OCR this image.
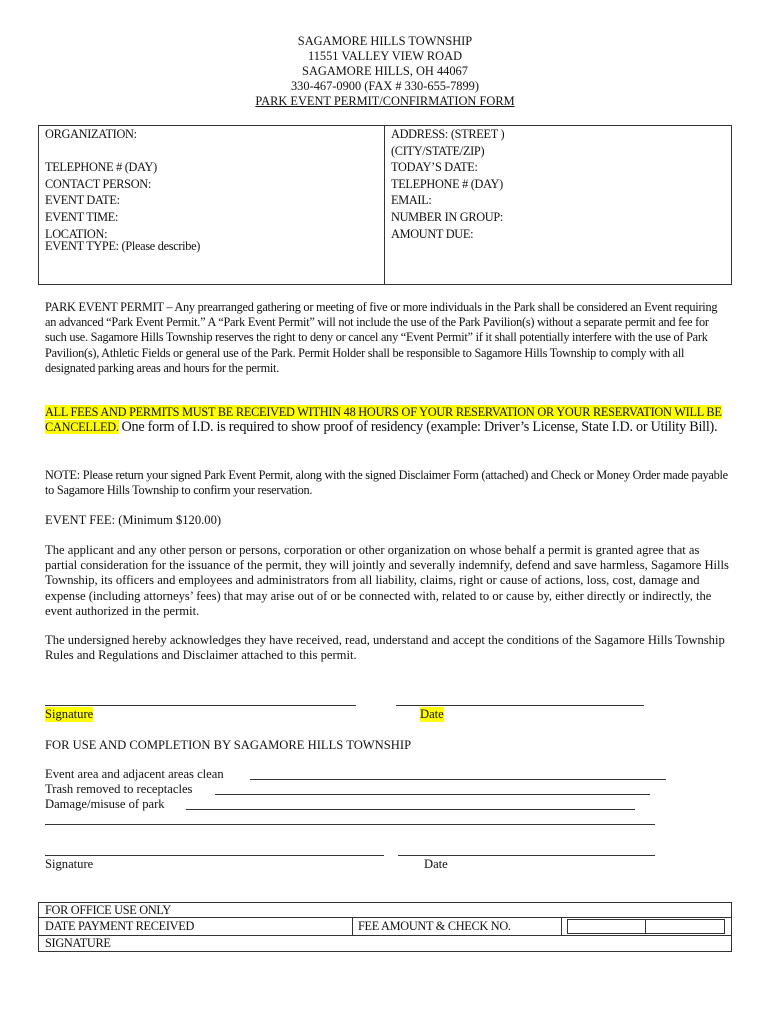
SAGAMORE HILLS TOWNSHIP
11551 VALLEY VIEW ROAD
SAGAMORE HILLS, OH 44067
330-467-0900 (FAX # 330-655-7899)
PARK EVENT PERMIT/CONFIRMATION FORM
ORGANIZATION:
TELEPHONE # (DAY)
CONTACT PERSON:
EVENT DATE:
EVENT TIME:
LOCATION:
EVENT TYPE: (Please describe)
ADDRESS: (STREET )
(CITY/STATE/ZIP)
TODAY’S DATE:
TELEPHONE # (DAY)
EMAIL:
NUMBER IN GROUP:
AMOUNT DUE:
PARK EVENT PERMIT – Any prearranged gathering or meeting of five or more individuals in the Park shall be considered an Event requiring an advanced “Park Event Permit.” A “Park Event Permit” will not include the use of the Park Pavilion(s) without a separate permit and fee for such use. Sagamore Hills Township reserves the right to deny or cancel any “Event Permit” if it shall potentially interfere with the use of Park Pavilion(s), Athletic Fields or general use of the Park. Permit Holder shall be responsible to Sagamore Hills Township to comply with all designated parking areas and hours for the permit.
ALL FEES AND PERMITS MUST BE RECEIVED WITHIN 48 HOURS OF YOUR RESERVATION OR YOUR RESERVATION WILL BE CANCELLED. One form of I.D. is required to show proof of residency (example: Driver’s License, State I.D. or Utility Bill).
NOTE: Please return your signed Park Event Permit, along with the signed Disclaimer Form (attached) and Check or Money Order made payable to Sagamore Hills Township to confirm your reservation.
EVENT FEE: (Minimum $120.00)
The applicant and any other person or persons, corporation or other organization on whose behalf a permit is granted agree that as partial consideration for the issuance of the permit, they will jointly and severally indemnify, defend and save harmless, Sagamore Hills Township, its officers and employees and administrators from all liability, claims, right or cause of actions, loss, cost, damage and expense (including attorneys’ fees) that may arise out of or be connected with, related to or cause by, either directly or indirectly, the event authorized in the permit.
The undersigned hereby acknowledges they have received, read, understand and accept the conditions of the Sagamore Hills Township Rules and Regulations and Disclaimer attached to this permit.
Signature	Date
FOR USE AND COMPLETION BY SAGAMORE HILLS TOWNSHIP
Event area and adjacent areas clean
Trash removed to receptacles
Damage/misuse of park
Signature	Date
FOR OFFICE USE ONLY
DATE PAYMENT RECEIVED	FEE AMOUNT & CHECK NO.
SIGNATURE
